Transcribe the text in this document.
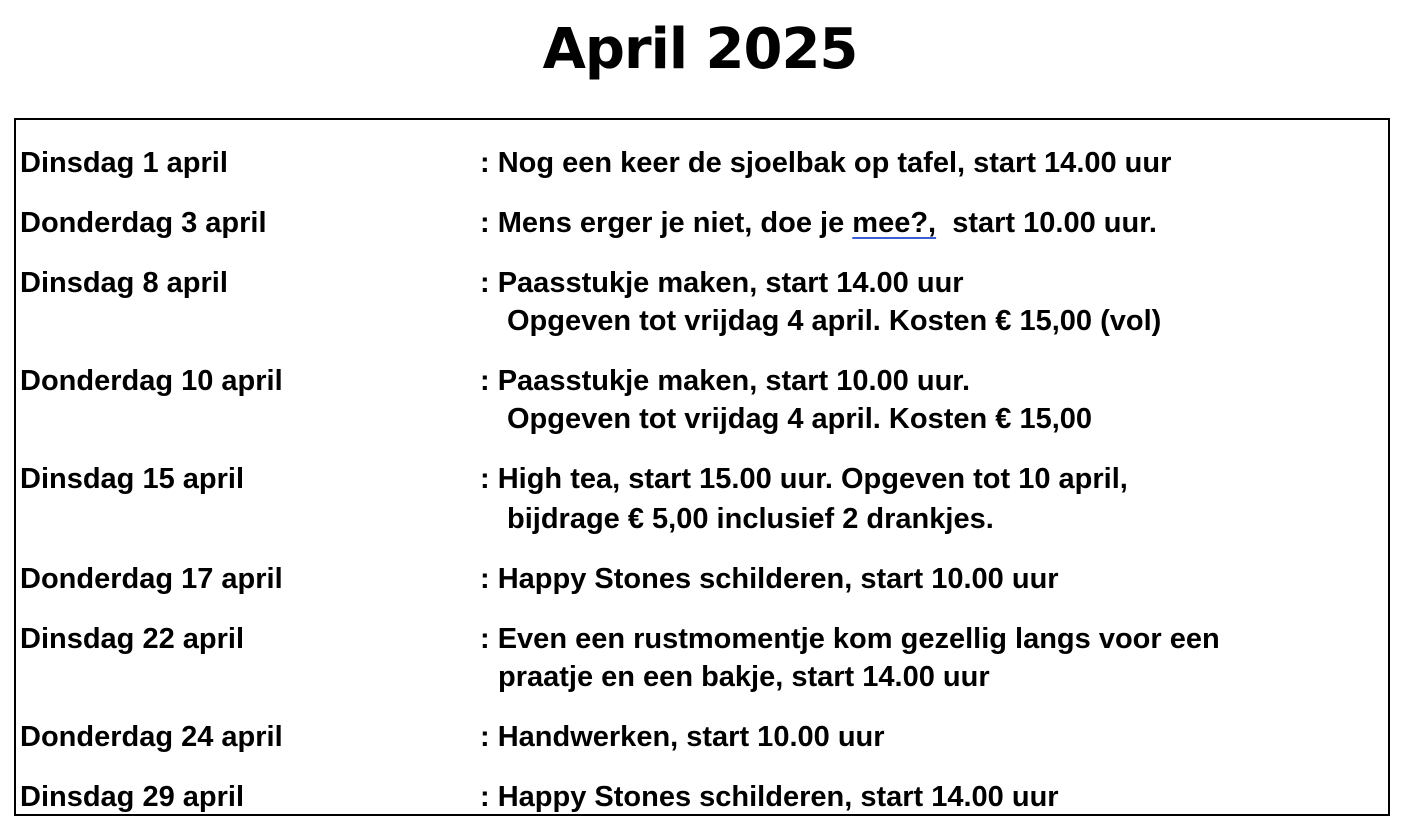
April 2025
Dinsdag 1 april	: Nog een keer de sjoelbak op tafel, start 14.00 uur
Donderdag 3 april	: Mens erger je niet, doe je mee?,  start 10.00 uur.
Dinsdag 8 april	: Paasstukje maken, start 14.00 uur
Opgeven tot vrijdag 4 april. Kosten € 15,00 (vol)
Donderdag 10 april	: Paasstukje maken, start 10.00 uur.
Opgeven tot vrijdag 4 april. Kosten € 15,00
Dinsdag 15 april	: High tea, start 15.00 uur. Opgeven tot 10 april,
bijdrage € 5,00 inclusief 2 drankjes.
Donderdag 17 april	: Happy Stones schilderen, start 10.00 uur
Dinsdag 22 april	: Even een rustmomentje kom gezellig langs voor een
praatje en een bakje, start 14.00 uur
Donderdag 24 april	: Handwerken, start 10.00 uur
Dinsdag 29 april	: Happy Stones schilderen, start 14.00 uur
